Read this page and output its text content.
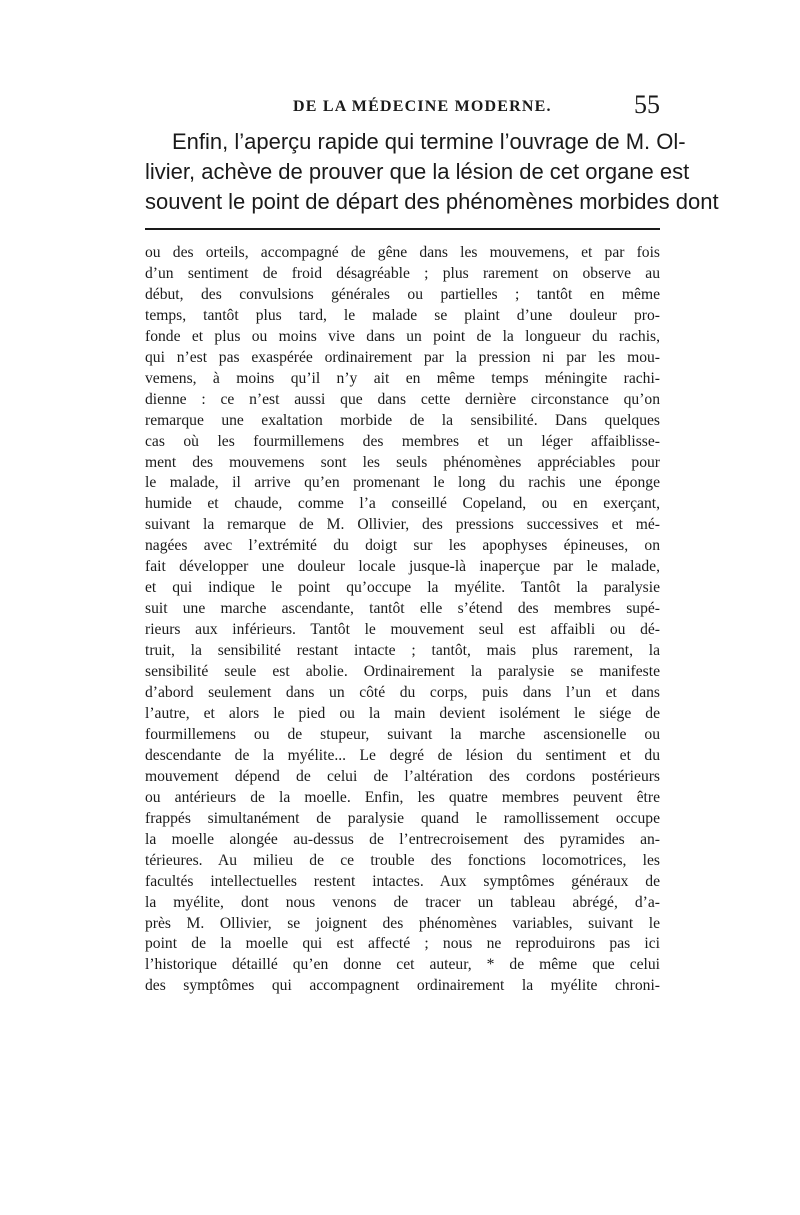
DE LA MÉDECINE MODERNE.	55

Enfin, l’aperçu rapide qui termine l’ouvrage de M. Ol-
livier, achève de prouver que la lésion de cet organe est
souvent le point de départ des phénomènes morbides dont

ou des orteils, accompagné de gêne dans les mouvemens, et par fois
d’un sentiment de froid désagréable ; plus rarement on observe au
début, des convulsions générales ou partielles ; tantôt en même
temps, tantôt plus tard, le malade se plaint d’une douleur pro-
fonde et plus ou moins vive dans un point de la longueur du rachis,
qui n’est pas exaspérée ordinairement par la pression ni par les mou-
vemens, à moins qu’il n’y ait en même temps méningite rachi-
dienne : ce n’est aussi que dans cette dernière circonstance qu’on
remarque une exaltation morbide de la sensibilité. Dans quelques
cas où les fourmillemens des membres et un léger affaiblisse-
ment des mouvemens sont les seuls phénomènes appréciables pour
le malade, il arrive qu’en promenant le long du rachis une éponge
humide et chaude, comme l’a conseillé Copeland, ou en exerçant,
suivant la remarque de M. Ollivier, des pressions successives et mé-
nagées avec l’extrémité du doigt sur les apophyses épineuses, on
fait développer une douleur locale jusque-là inaperçue par le malade,
et qui indique le point qu’occupe la myélite. Tantôt la paralysie
suit une marche ascendante, tantôt elle s’étend des membres supé-
rieurs aux inférieurs. Tantôt le mouvement seul est affaibli ou dé-
truit, la sensibilité restant intacte ; tantôt, mais plus rarement, la
sensibilité seule est abolie. Ordinairement la paralysie se manifeste
d’abord seulement dans un côté du corps, puis dans l’un et dans
l’autre, et alors le pied ou la main devient isolément le siége de
fourmillemens ou de stupeur, suivant la marche ascensionelle ou
descendante de la myélite... Le degré de lésion du sentiment et du
mouvement dépend de celui de l’altération des cordons postérieurs
ou antérieurs de la moelle. Enfin, les quatre membres peuvent être
frappés simultanément de paralysie quand le ramollissement occupe
la moelle alongée au-dessus de l’entrecroisement des pyramides an-
térieures. Au milieu de ce trouble des fonctions locomotrices, les
facultés intellectuelles restent intactes. Aux symptômes généraux de
la myélite, dont nous venons de tracer un tableau abrégé, d’a-
près M. Ollivier, se joignent des phénomènes variables, suivant le
point de la moelle qui est affecté ; nous ne reproduirons pas ici
l’historique détaillé qu’en donne cet auteur, * de même que celui
des symptômes qui accompagnent ordinairement la myélite chroni-
